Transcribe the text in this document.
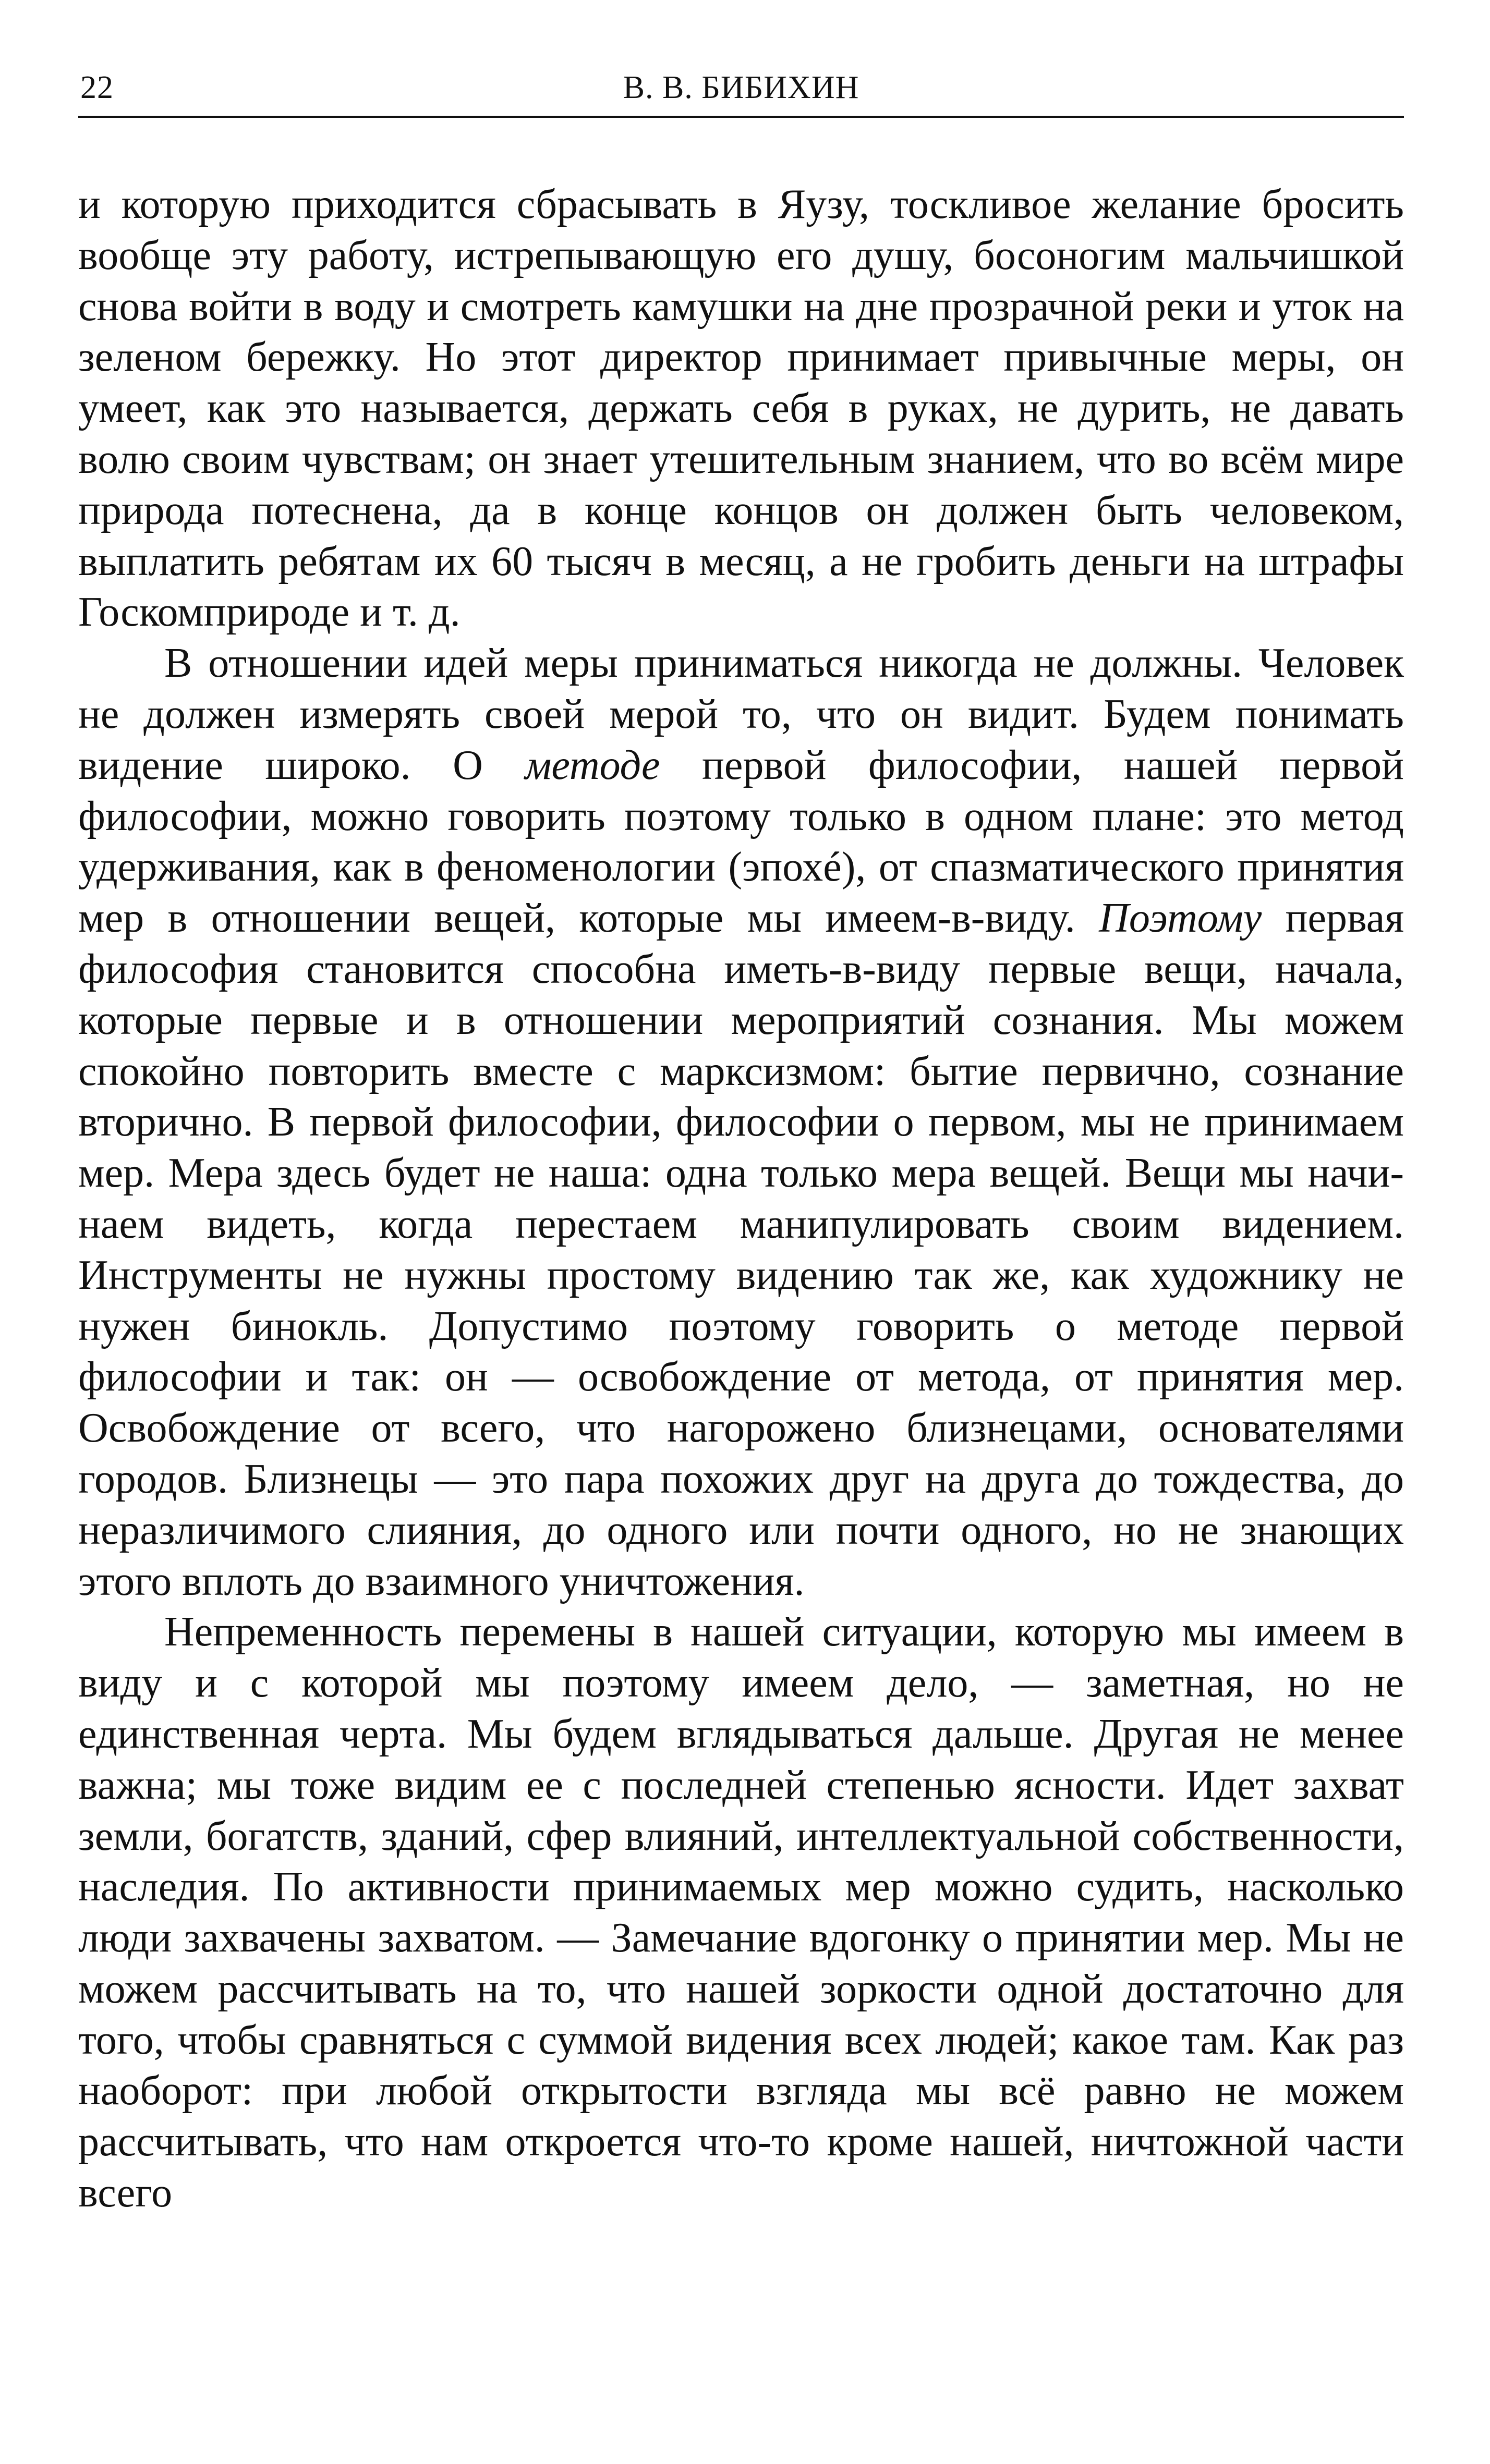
22	В. В. БИБИХИН

и которую приходится сбрасывать в Яузу, тоскливое желание бросить вообще эту работу, истрепывающую его душу, босоногим мальчишкой снова войти в воду и смотреть камушки на дне прозрачной реки и уток на зеленом бережку. Но этот директор принимает привычные меры, он умеет, как это называется, держать себя в руках, не дурить, не давать волю своим чувствам; он знает утешительным знанием, что во всём мире природа потеснена, да в конце концов он должен быть человеком, выплатить ребятам их 60 тысяч в месяц, а не гробить деньги на штрафы Госкомприроде и т. д.

В отношении идей меры приниматься никогда не должны. Человек не должен измерять своей мерой то, что он видит. Будем понимать видение широко. О методе первой философии, нашей первой философии, можно говорить поэтому только в одном плане: это метод удерживания, как в феноменологии (эпохé), от спазматического принятия мер в отношении вещей, которые мы имеем-в-виду. Поэтому первая философия становится способна иметь-в-виду первые вещи, начала, которые первые и в отношении мероприятий сознания. Мы можем спокойно повторить вместе с марксизмом: бытие первично, сознание вторично. В первой философии, философии о первом, мы не принимаем мер. Мера здесь будет не наша: одна только мера вещей. Вещи мы начинаем видеть, когда перестаем манипулировать своим видением. Инструменты не нужны простому видению так же, как художнику не нужен бинокль. Допустимо поэтому говорить о методе первой философии и так: он — освобождение от метода, от принятия мер. Освобождение от всего, что нагорожено близнецами, основателями городов. Близнецы — это пара похожих друг на друга до тождества, до неразличимого слияния, до одного или почти одного, но не знающих этого вплоть до взаимного уничтожения.

Непременность перемены в нашей ситуации, которую мы имеем в виду и с которой мы поэтому имеем дело, — заметная, но не единственная черта. Мы будем вглядываться дальше. Другая не менее важна; мы тоже видим ее с последней степенью ясности. Идет захват земли, богатств, зданий, сфер влияний, интеллектуальной собственности, наследия. По активности принимаемых мер можно судить, насколько люди захвачены захватом. — Замечание вдогонку о принятии мер. Мы не можем рассчитывать на то, что нашей зоркости одной достаточно для того, чтобы сравняться с суммой видения всех людей; какое там. Как раз наоборот: при любой открытости взгляда мы всё равно не можем рассчитывать, что нам откроется что-то кроме нашей, ничтожной части всего
